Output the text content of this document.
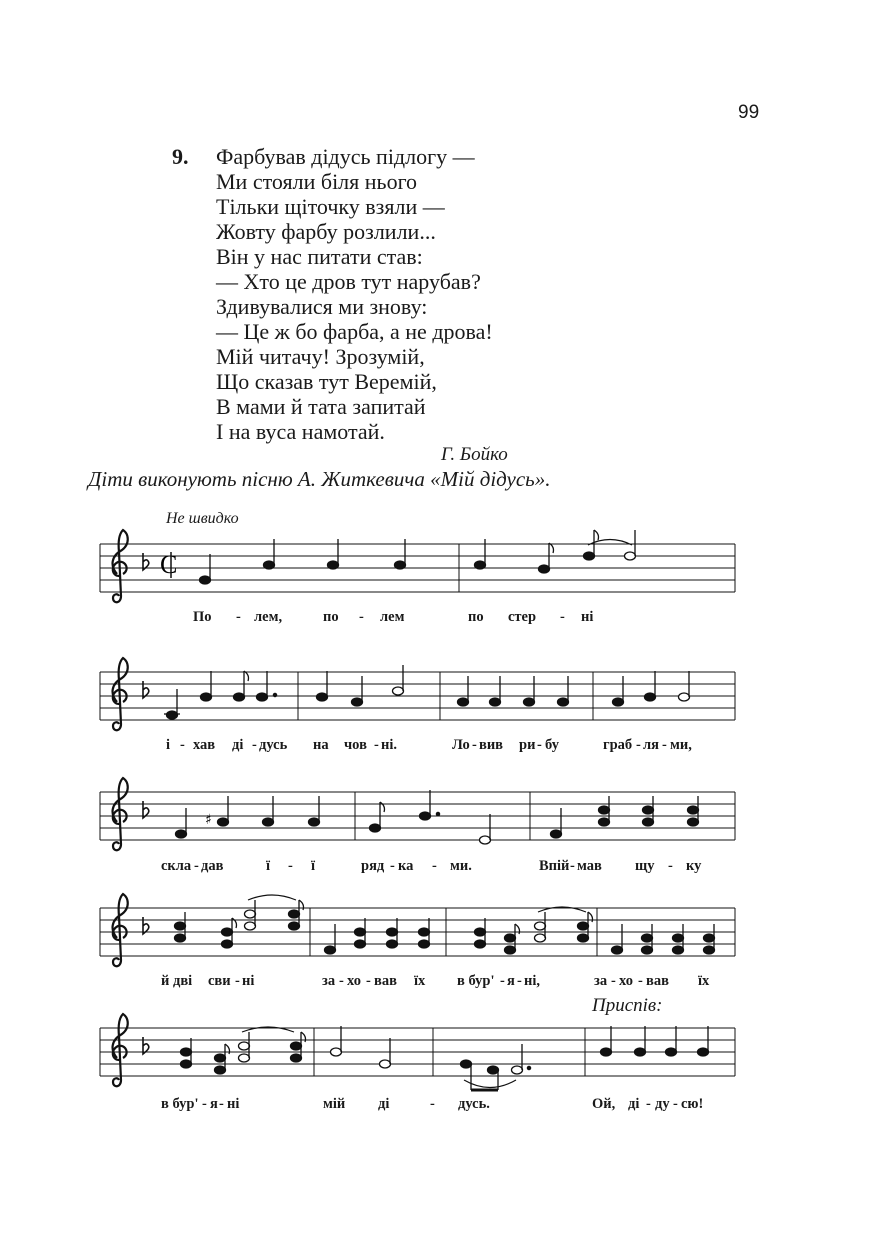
99
9. Фарбував дідусь підлогу —
Ми стояли біля нього
Тільки щіточку взяли —
Жовту фарбу розлили...
Він у нас питати став:
— Хто це дров тут нарубав?
Здивувалися ми знову:
— Це ж бо фарба, а не дрова!
Мій читачу! Зрозумій,
Що сказав тут Веремій,
В мами й тата запитай
І на вуса намотай.
Г. Бойко
Діти виконують пісню А. Житкевича «Мій дідусь».
Не швидко
Приспів:
C
♯
По - лем,	по - лем	по стер - ні
і - хав ді - дусь на чов - ні.	Ло - вив ри - бу	граб - ля - ми,
скла - дав	ї - ї	ряд - ка - ми.	Впій - мав щу - ку
й дві сви - ні	за - хо - вав їх в бур' - я - ні,	за - хо - вав їх
в бур' - я - ні	мій ді	- дусь.	Ой, ді - ду - сю!
